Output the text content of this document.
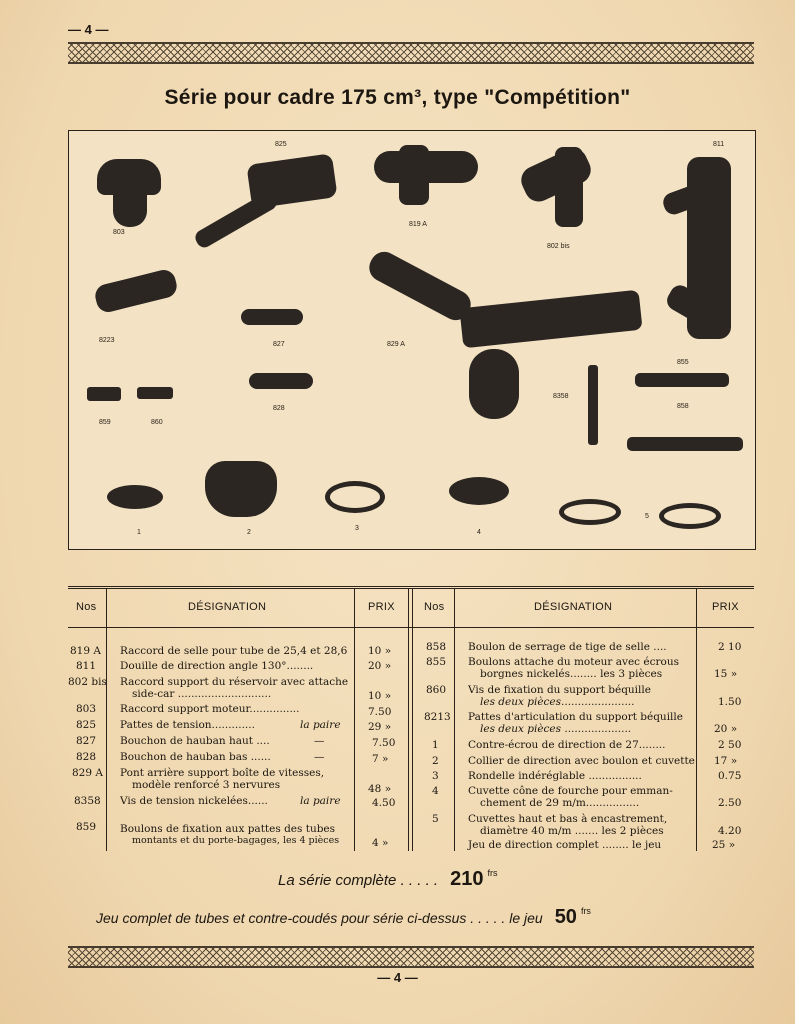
— 4 —
Série pour cadre 175 cm³, type "Compétition"
803
825
819 A
802 bis
811
8223
827	829 A
828
859	860
8358
855
858
1	2
3
4
5
Nos	DÉSIGNATION	PRIX	Nos	DÉSIGNATION	PRIX
819 A Raccord de selle pour tube de 25,4 et 28,6 10 »
811 Douille de direction angle 130°........	20 »
802 bis Raccord support du réservoir avec attache
side-car ............................	10 »
803 Raccord support moteur...............	7.50
825 Pattes de tension.............	la paire	29 »
827 Bouchon de hauban haut ....	—	7.50
828 Bouchon de hauban bas ......	—	7 »
829 A Pont arrière support boîte de vitesses,
modèle renforcé 3 nervures	48 »
8358 Vis de tension nickelées......	la paire	4.50
859 Boulons de fixation aux pattes des tubes
montants et du porte-bagages, les 4 pièces	4 »
858 Boulon de serrage de tige de selle ....	2 10
855 Boulons attache du moteur avec écrous
borgnes nickelés........ les 3 pièces	15 »
860 Vis de fixation du support béquille
les deux pièces......................	1.50
8213 Pattes d'articulation du support béquille
les deux pièces ....................	20 »
1	Contre-écrou de direction de 27........	2 50
2	Collier de direction avec boulon et cuvette 17 »
3	Rondelle indéréglable ................	0.75
4	Cuvette cône de fourche pour emman-
chement de 29 m/m................	2.50
5	Cuvettes haut et bas à encastrement,
diamètre 40 m/m ....... les 2 pièces	4.20
Jeu de direction complet ........ le jeu	25 »
La série complète . . . . . 210 $^{frs}$
Jeu complet de tubes et contre-coudés pour série ci-dessus . . . . . le jeu 50 $^{frs}$
— 4 —
